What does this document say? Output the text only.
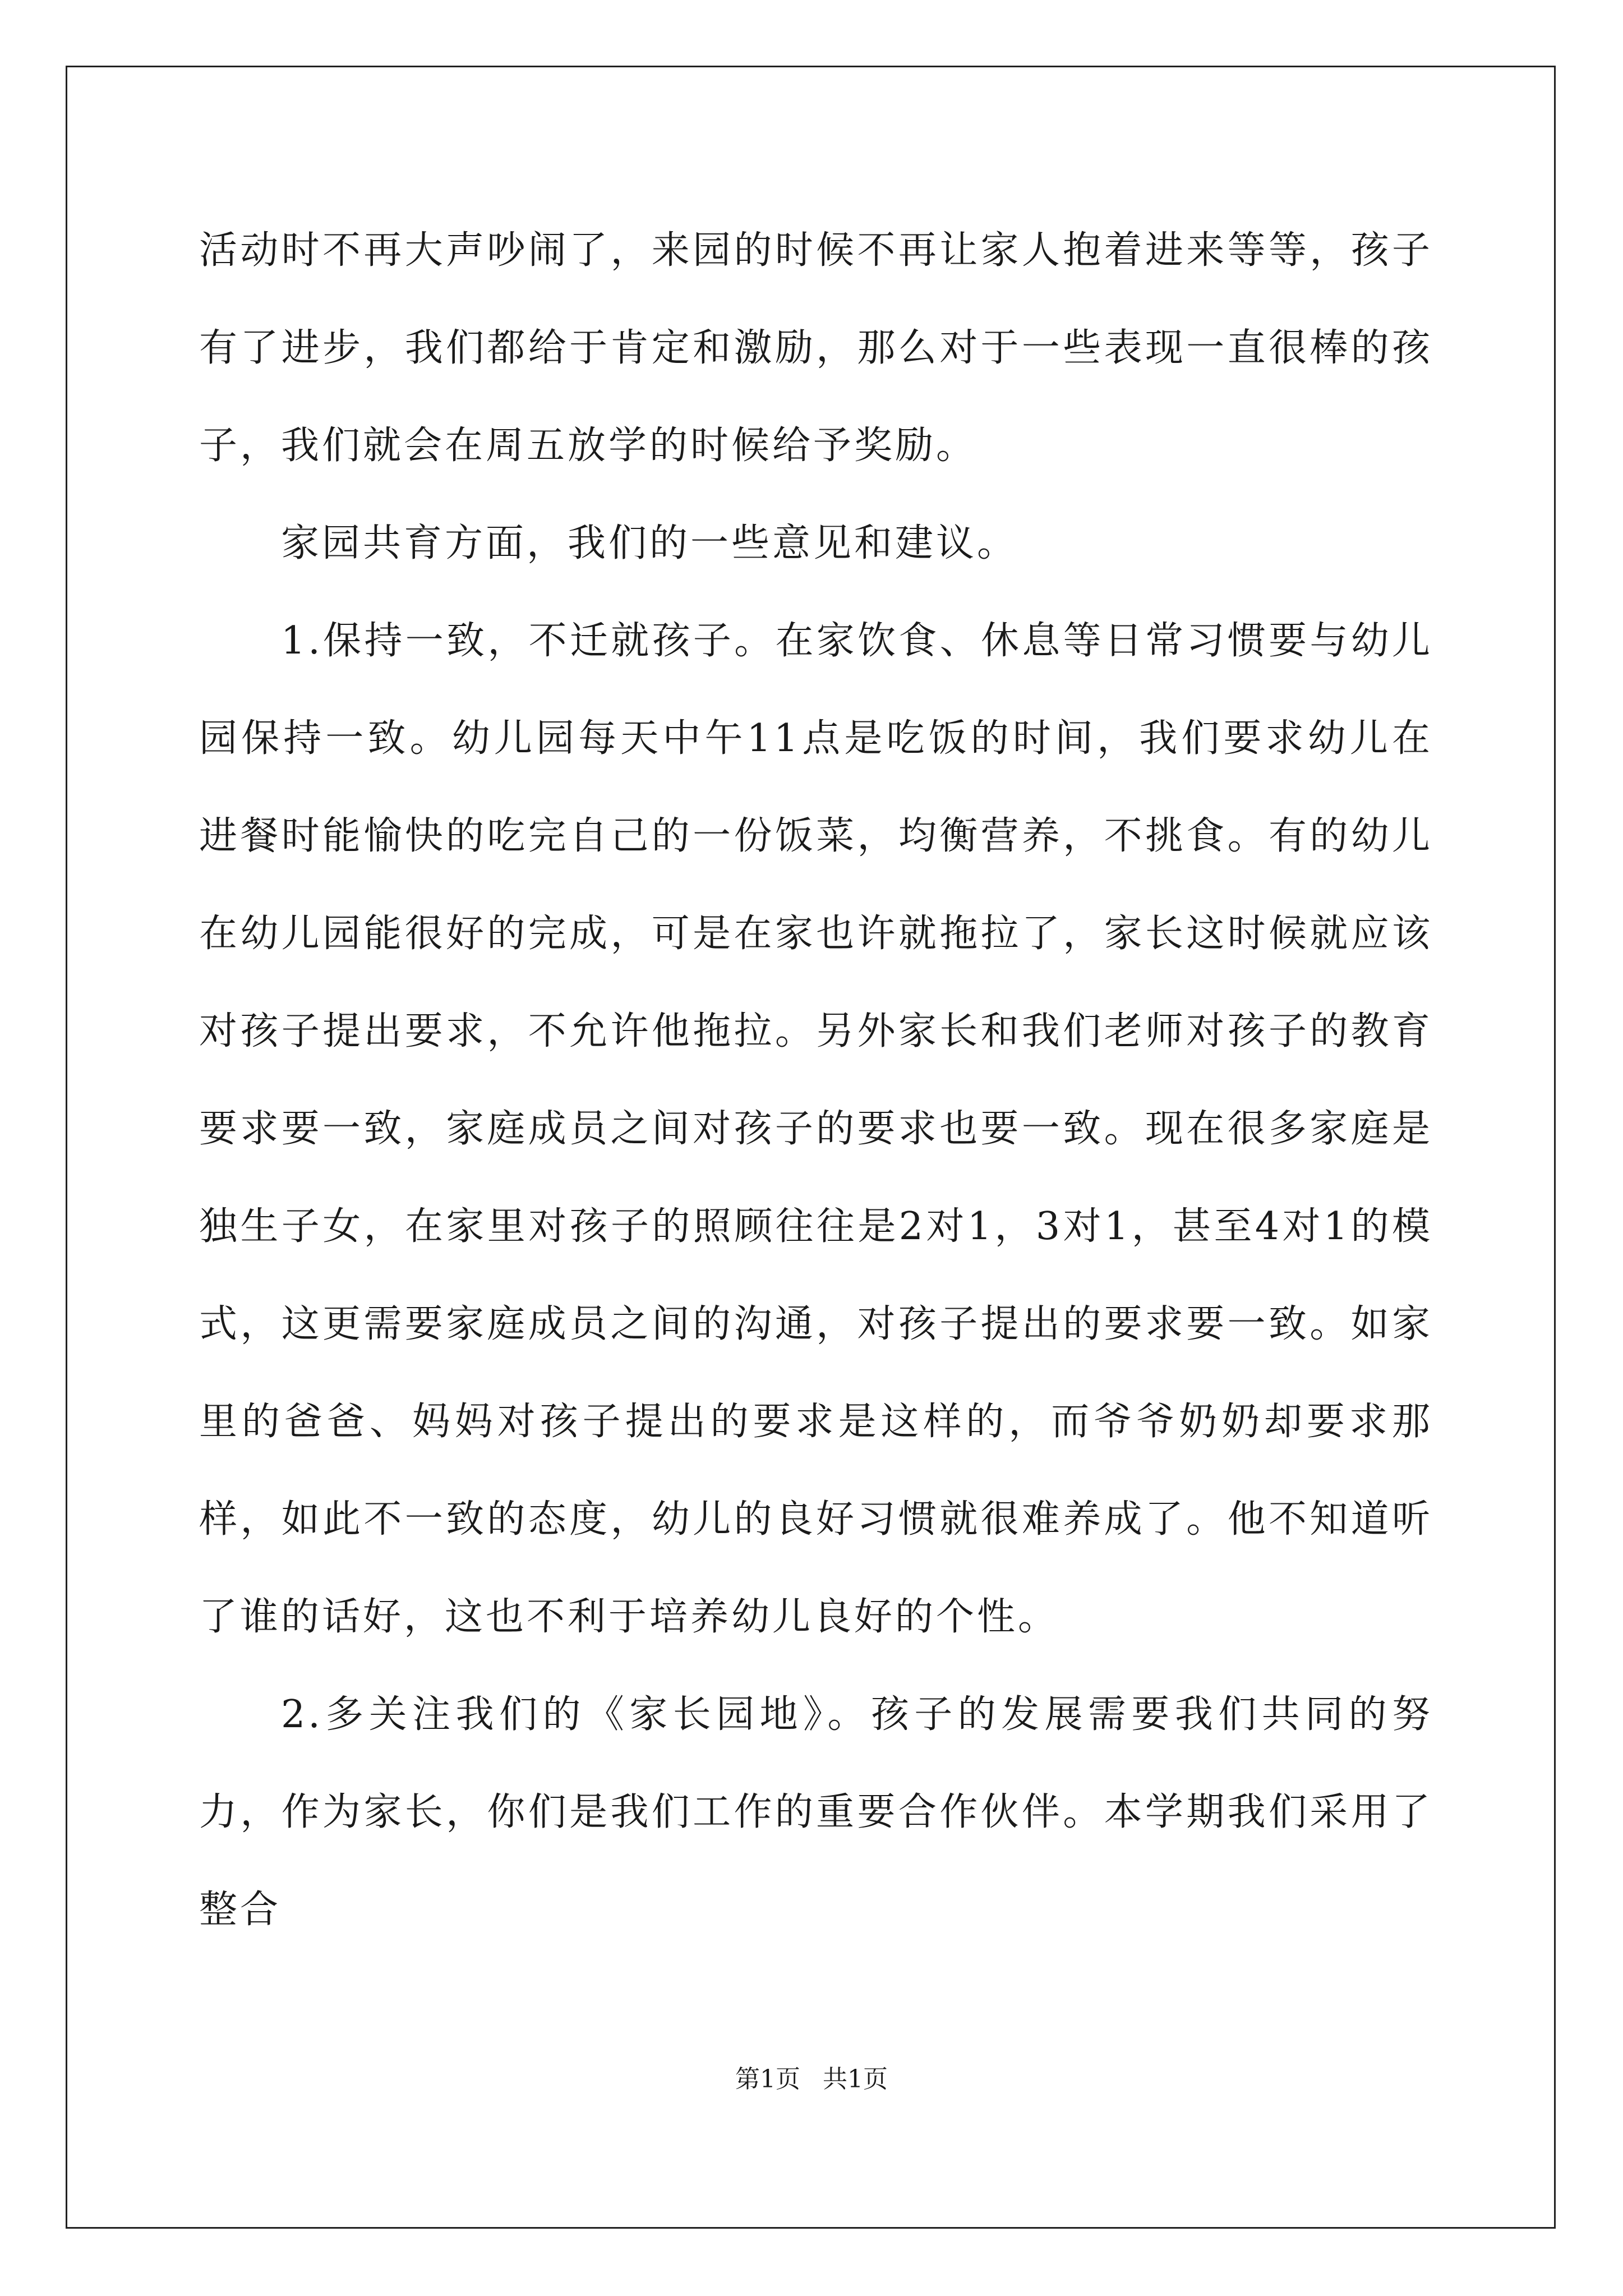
活动时不再大声吵闹了，来园的时候不再让家人抱着进来等等，孩子有了进步，我们都给于肯定和激励，那么对于一些表现一直很棒的孩子，我们就会在周五放学的时候给予奖励。

家园共育方面，我们的一些意见和建议。

1.保持一致，不迁就孩子。在家饮食、休息等日常习惯要与幼儿园保持一致。幼儿园每天中午11点是吃饭的时间，我们要求幼儿在进餐时能愉快的吃完自己的一份饭菜，均衡营养，不挑食。有的幼儿在幼儿园能很好的完成，可是在家也许就拖拉了，家长这时候就应该对孩子提出要求，不允许他拖拉。另外家长和我们老师对孩子的教育要求要一致，家庭成员之间对孩子的要求也要一致。现在很多家庭是独生子女，在家里对孩子的照顾往往是2对1，3对1，甚至4对1的模式，这更需要家庭成员之间的沟通，对孩子提出的要求要一致。如家里的爸爸、妈妈对孩子提出的要求是这样的，而爷爷奶奶却要求那样，如此不一致的态度，幼儿的良好习惯就很难养成了。他不知道听了谁的话好，这也不利于培养幼儿良好的个性。

2.多关注我们的《家长园地》。孩子的发展需要我们共同的努力，作为家长，你们是我们工作的重要合作伙伴。本学期我们采用了整合

第1页 共1页
